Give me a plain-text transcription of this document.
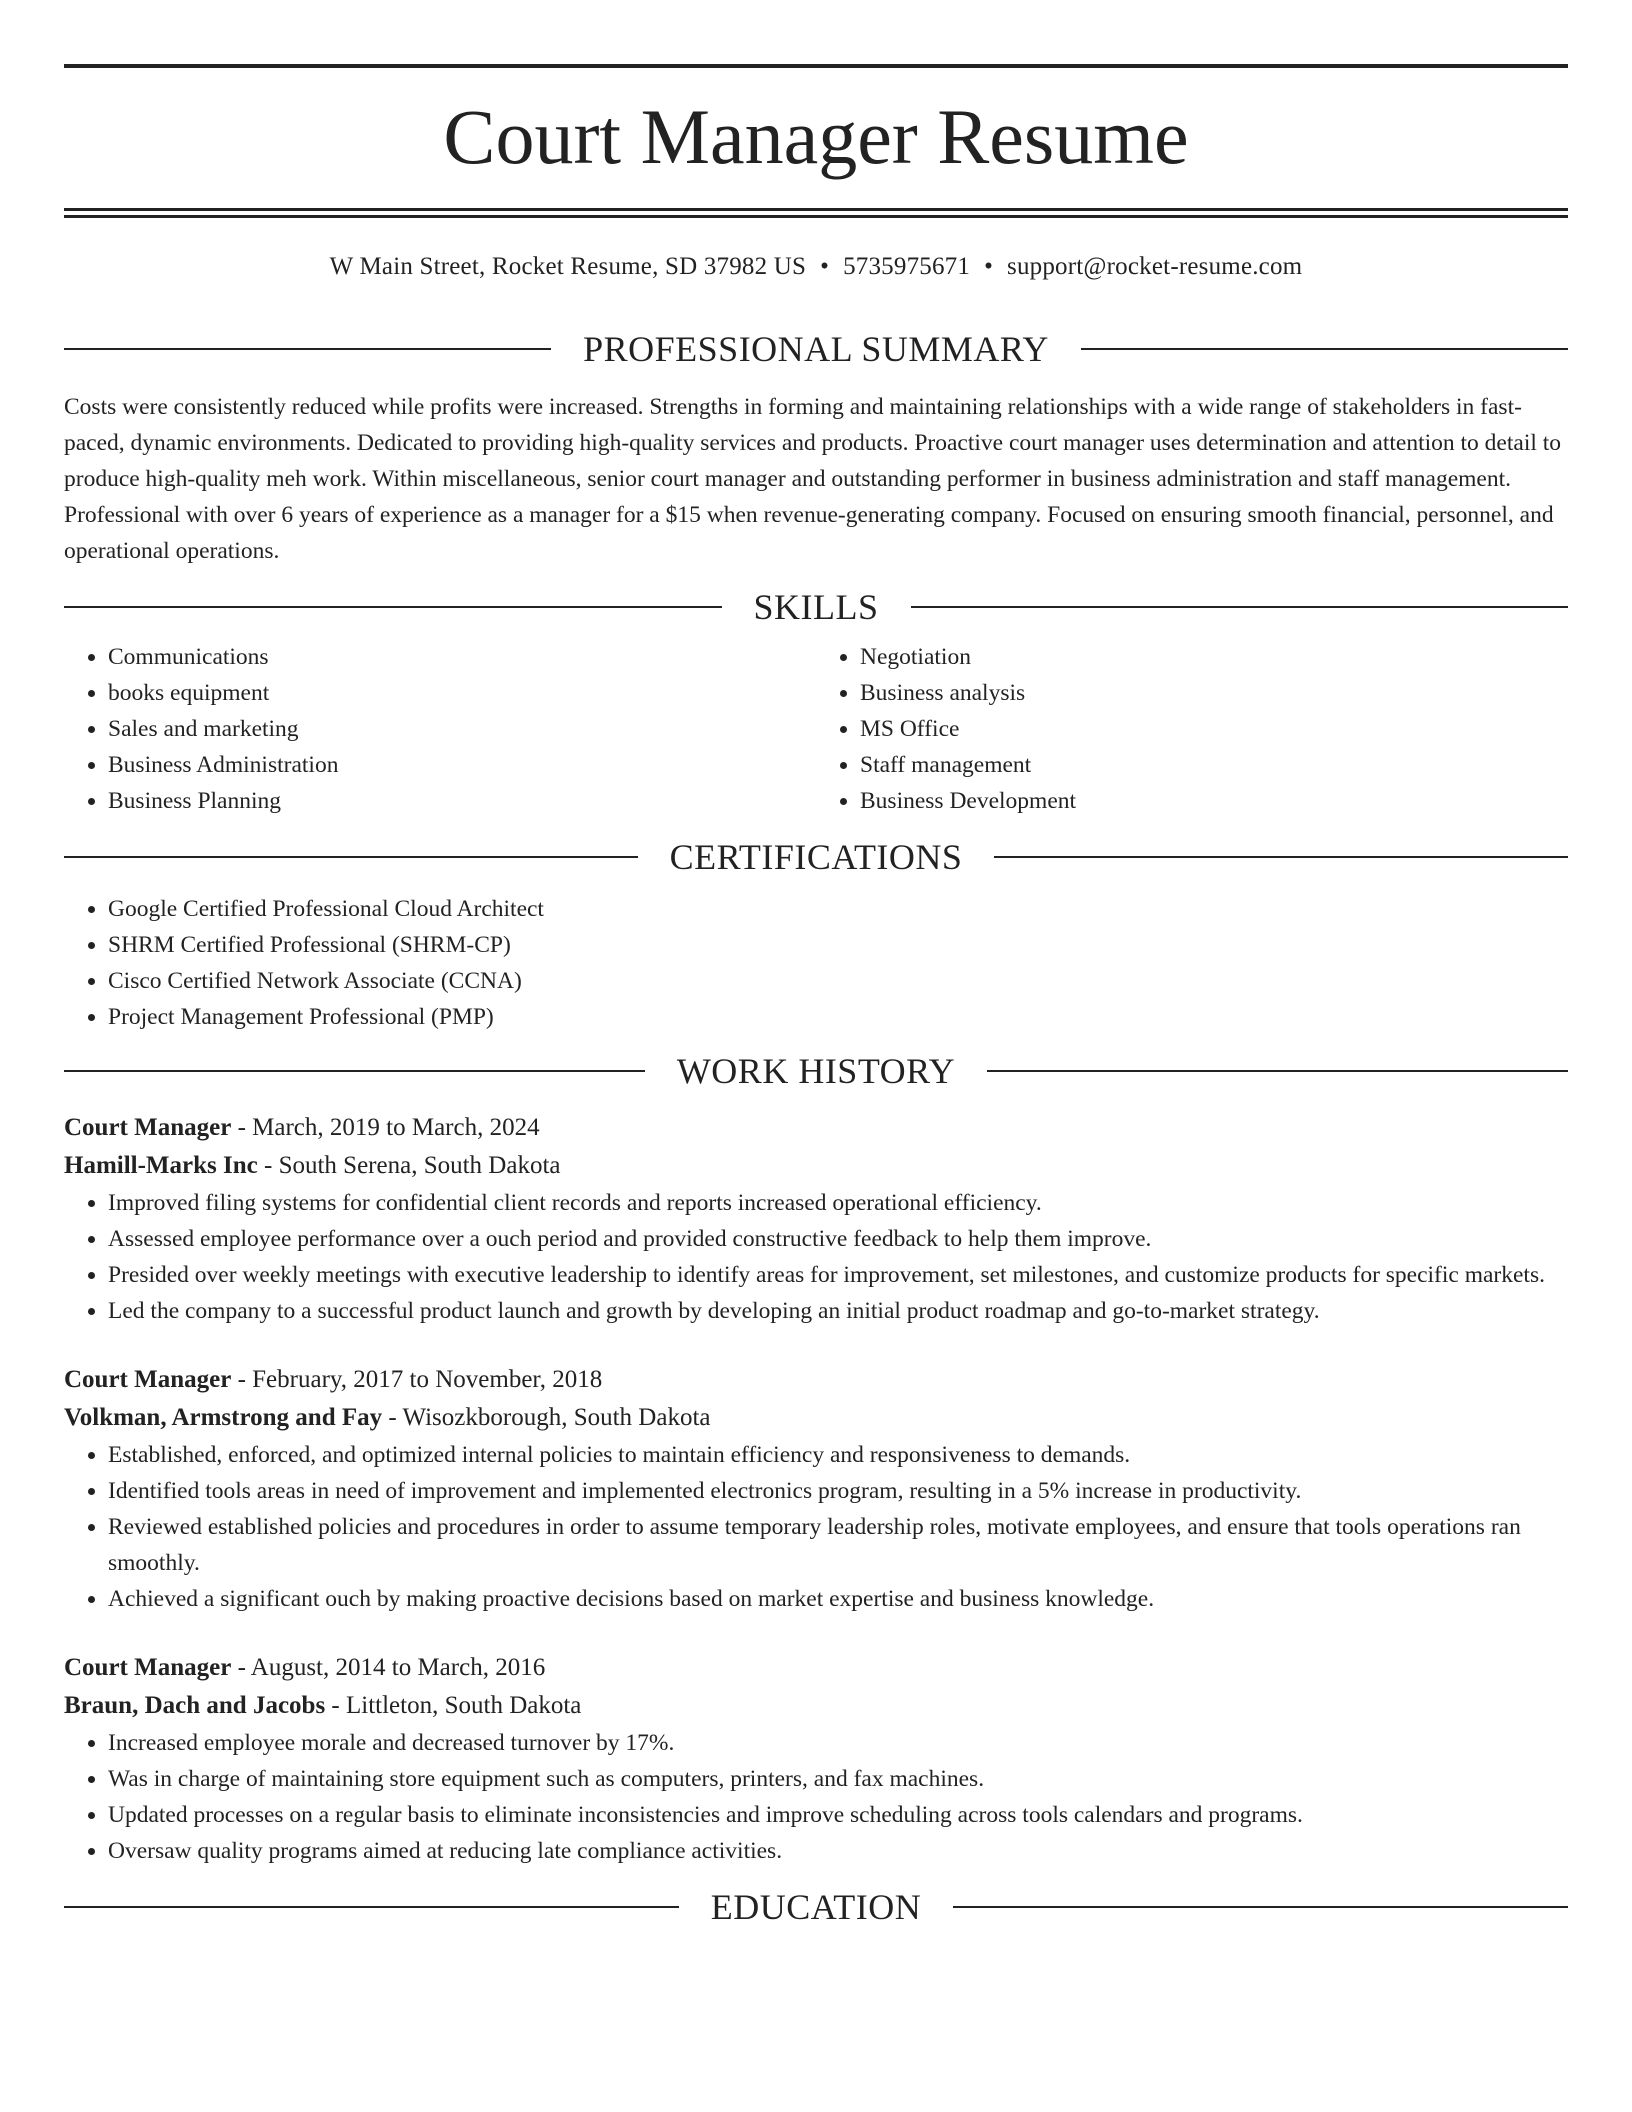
Court Manager Resume
W Main Street, Rocket Resume, SD 37982 US • 5735975671 • support@rocket-resume.com
PROFESSIONAL SUMMARY

Costs were consistently reduced while profits were increased. Strengths in forming and maintaining relationships with a wide range of stakeholders in fast-paced, dynamic environments. Dedicated to providing high-quality services and products. Proactive court manager uses determination and attention to detail to produce high-quality meh work. Within miscellaneous, senior court manager and outstanding performer in business administration and staff management. Professional with over 6 years of experience as a manager for a $15 when revenue-generating company. Focused on ensuring smooth financial, personnel, and operational operations.

SKILLS
• Communications
• books equipment
• Sales and marketing
• Business Administration
• Business Planning
• Negotiation
• Business analysis
• MS Office
• Staff management
• Business Development
CERTIFICATIONS
• Google Certified Professional Cloud Architect
• SHRM Certified Professional (SHRM-CP)
• Cisco Certified Network Associate (CCNA)
• Project Management Professional (PMP)
WORK HISTORY
Court Manager - March, 2019 to March, 2024
Hamill-Marks Inc - South Serena, South Dakota
• Improved filing systems for confidential client records and reports increased operational efficiency.
• Assessed employee performance over a ouch period and provided constructive feedback to help them improve.
• Presided over weekly meetings with executive leadership to identify areas for improvement, set milestones, and customize products for specific markets.
• Led the company to a successful product launch and growth by developing an initial product roadmap and go-to-market strategy.
Court Manager - February, 2017 to November, 2018
Volkman, Armstrong and Fay - Wisozkborough, South Dakota
• Established, enforced, and optimized internal policies to maintain efficiency and responsiveness to demands.
• Identified tools areas in need of improvement and implemented electronics program, resulting in a 5% increase in productivity.
• Reviewed established policies and procedures in order to assume temporary leadership roles, motivate employees, and ensure that tools operations ran smoothly.
• Achieved a significant ouch by making proactive decisions based on market expertise and business knowledge.
Court Manager - August, 2014 to March, 2016
Braun, Dach and Jacobs - Littleton, South Dakota
• Increased employee morale and decreased turnover by 17%.
• Was in charge of maintaining store equipment such as computers, printers, and fax machines.
• Updated processes on a regular basis to eliminate inconsistencies and improve scheduling across tools calendars and programs.
• Oversaw quality programs aimed at reducing late compliance activities.
EDUCATION
